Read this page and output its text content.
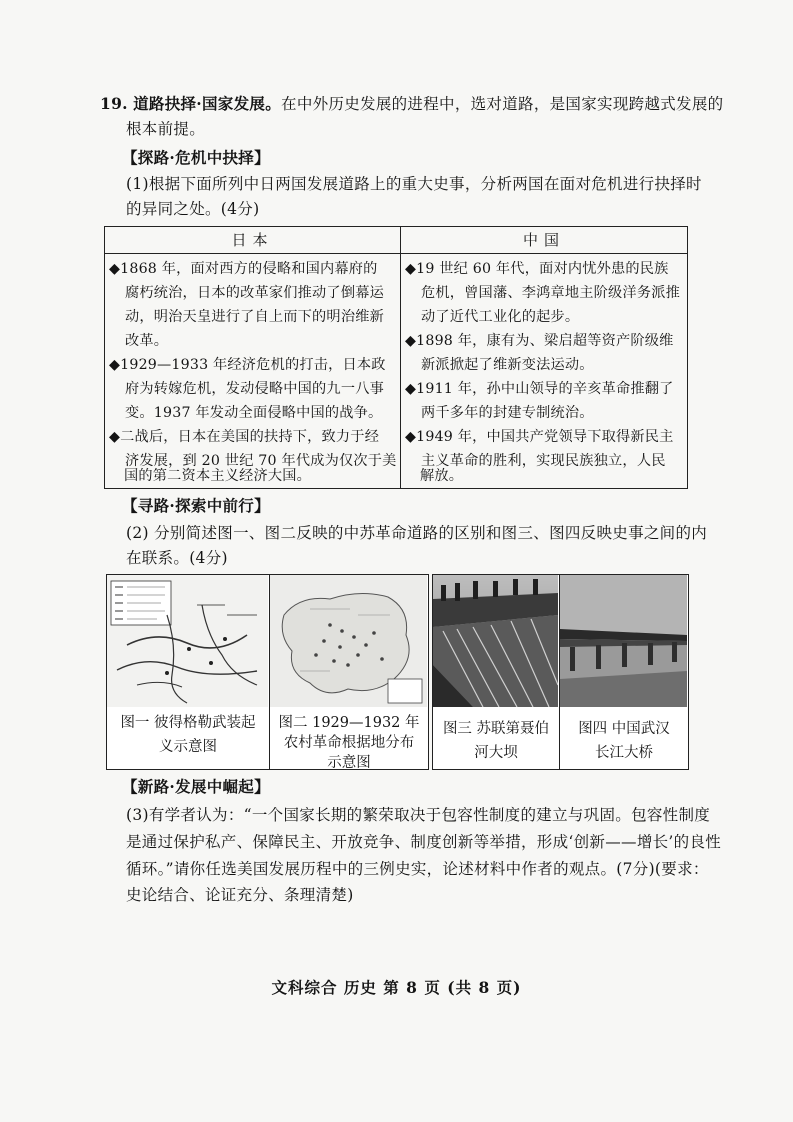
19. 道路抉择·国家发展。在中外历史发展的进程中，选对道路，是国家实现跨越式发展的
根本前提。
【探路·危机中抉择】
(1)根据下面所列中日两国发展道路上的重大史事，分析两国在面对危机进行抉择时
的异同之处。(4分)
日本	中国
◆1868 年，面对西方的侵略和国内幕府的
腐朽统治，日本的改革家们推动了倒幕运
动，明治天皇进行了自上而下的明治维新
改革。
◆1929—1933 年经济危机的打击，日本政
府为转嫁危机，发动侵略中国的九一八事
变。1937 年发动全面侵略中国的战争。
◆二战后，日本在美国的扶持下，致力于经
济发展，到 20 世纪 70 年代成为仅次于美
◆19 世纪 60 年代，面对内忧外患的民族
危机，曾国藩、李鸿章地主阶级洋务派推
动了近代工业化的起步。
◆1898 年，康有为、梁启超等资产阶级维
新派掀起了维新变法运动。
◆1911 年，孙中山领导的辛亥革命推翻了
两千多年的封建专制统治。
◆1949 年，中国共产党领导下取得新民主
主义革命的胜利，实现民族独立，人民
国的第二资本主义经济大国。	解放。
【寻路·探索中前行】
(2) 分别简述图一、图二反映的中苏革命道路的区别和图三、图四反映史事之间的内
在联系。(4分)
图一 彼得格勒武装起
义示意图
图二 1929—1932 年
农村革命根据地分布
示意图
图三 苏联第聂伯
河大坝
图四 中国武汉
长江大桥
【新路·发展中崛起】
(3)有学者认为：“一个国家长期的繁荣取决于包容性制度的建立与巩固。包容性制度
是通过保护私产、保障民主、开放竞争、制度创新等举措，形成‘创新——增长’的良性
循环。”请你任选美国发展历程中的三例史实，论述材料中作者的观点。(7分)(要求：
史论结合、论证充分、条理清楚)
文科综合 历史 第 8 页 (共 8 页)
